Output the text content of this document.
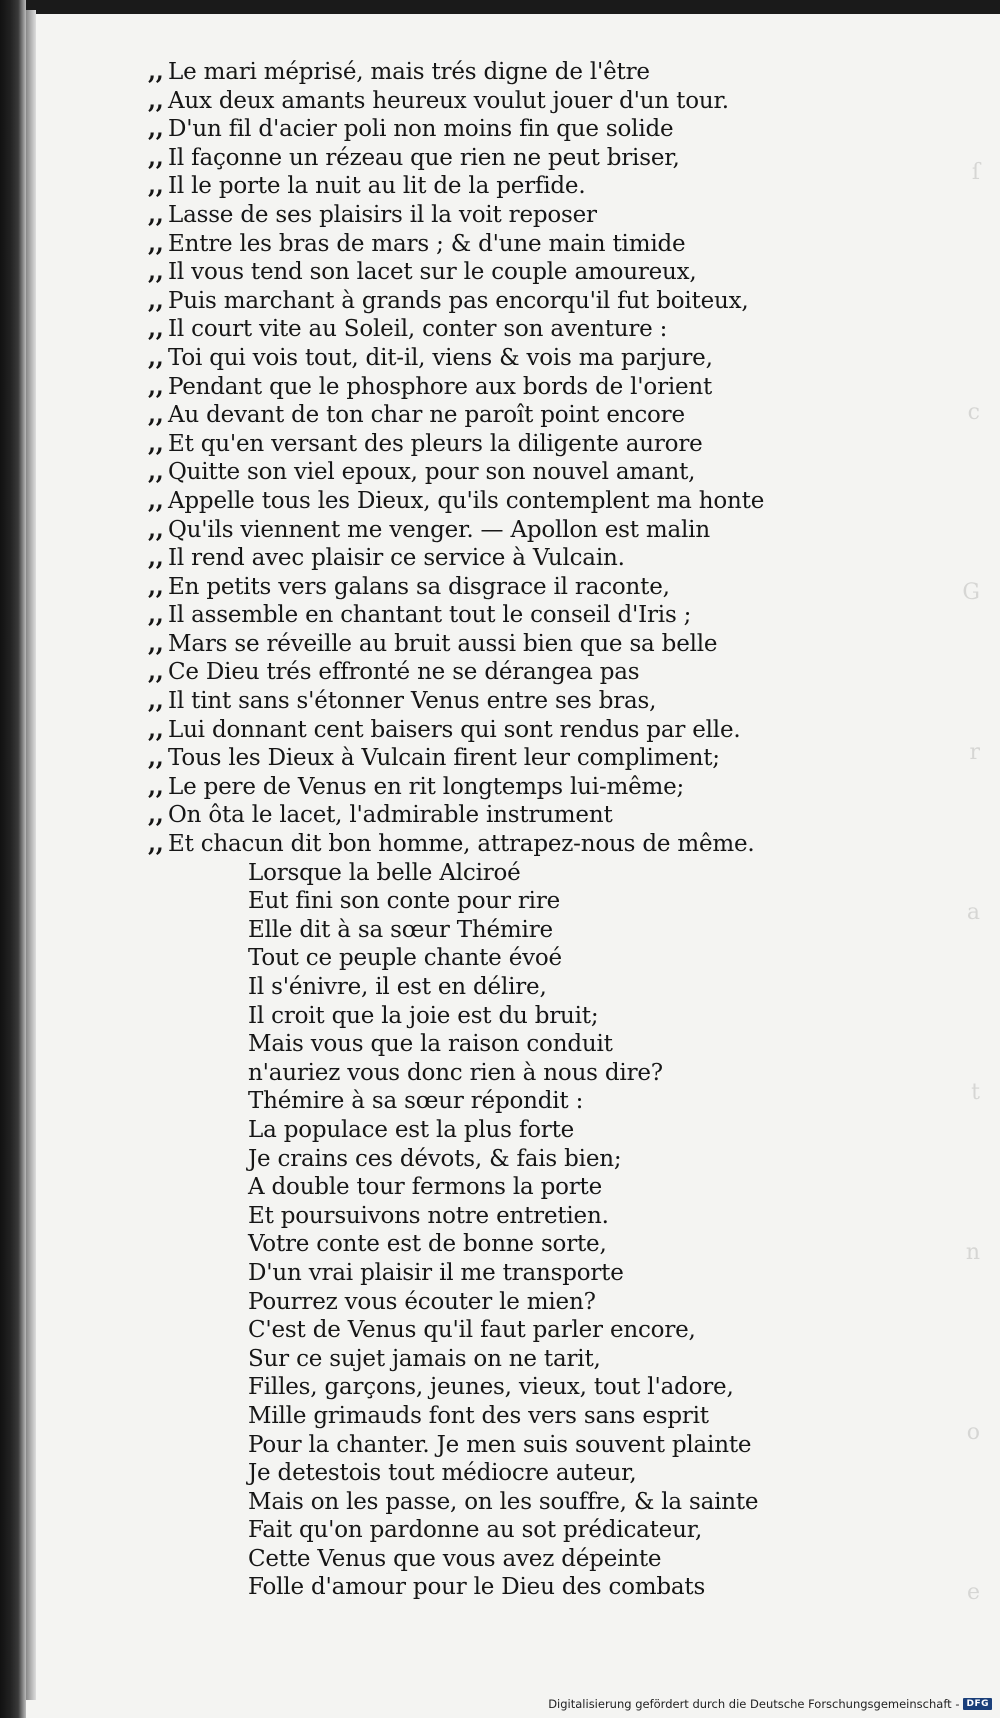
ſ
c
G
r
a
t
n
o
e
,, Le mari méprisé, mais trés digne de l'être
,, Aux deux amants heureux voulut jouer d'un tour.
,, D'un fil d'acier poli non moins fin que solide
,, Il façonne un rézeau que rien ne peut briser,
,, Il le porte la nuit au lit de la perfide.
,, Lasse de ses plaisirs il la voit reposer
,, Entre les bras de mars ; & d'une main timide
,, Il vous tend son lacet sur le couple amoureux,
,, Puis marchant à grands pas encorqu'il fut boiteux,
,, Il court vite au Soleil, conter son aventure :
,, Toi qui vois tout, dit-il, viens & vois ma parjure,
,, Pendant que le phosphore aux bords de l'orient
,, Au devant de ton char ne paroît point encore
,, Et qu'en versant des pleurs la diligente aurore
,, Quitte son viel epoux, pour son nouvel amant,
,, Appelle tous les Dieux, qu'ils contemplent ma honte
,, Qu'ils viennent me venger. — Apollon est malin
,, Il rend avec plaisir ce service à Vulcain.
,, En petits vers galans sa disgrace il raconte,
,, Il assemble en chantant tout le conseil d'Iris ;
,, Mars se réveille au bruit aussi bien que sa belle
,, Ce Dieu trés effronté ne se dérangea pas
,, Il tint sans s'étonner Venus entre ses bras,
,, Lui donnant cent baisers qui sont rendus par elle.
,, Tous les Dieux à Vulcain firent leur compliment;
,, Le pere de Venus en rit longtemps lui-même;
,, On ôta le lacet, l'admirable instrument
,, Et chacun dit bon homme, attrapez-nous de même.
Lorsque la belle Alciroé
Eut fini son conte pour rire
Elle dit à sa sœur Thémire
Tout ce peuple chante évoé
Il s'énivre, il est en délire,
Il croit que la joie est du bruit;
Mais vous que la raison conduit
n'auriez vous donc rien à nous dire?
Thémire à sa sœur répondit :
La populace est la plus forte
Je crains ces dévots, & fais bien;
A double tour fermons la porte
Et poursuivons notre entretien.
Votre conte est de bonne sorte,
D'un vrai plaisir il me transporte
Pourrez vous écouter le mien?
C'est de Venus qu'il faut parler encore,
Sur ce sujet jamais on ne tarit,
Filles, garçons, jeunes, vieux, tout l'adore,
Mille grimauds font des vers sans esprit
Pour la chanter. Je men suis souvent plainte
Je detestois tout médiocre auteur,
Mais on les passe, on les souffre, & la sainte
Fait qu'on pardonne au sot prédicateur,
Cette Venus que vous avez dépeinte
Folle d'amour pour le Dieu des combats
Digitalisierung gefördert durch die Deutsche Forschungsgemeinschaft - DFG
